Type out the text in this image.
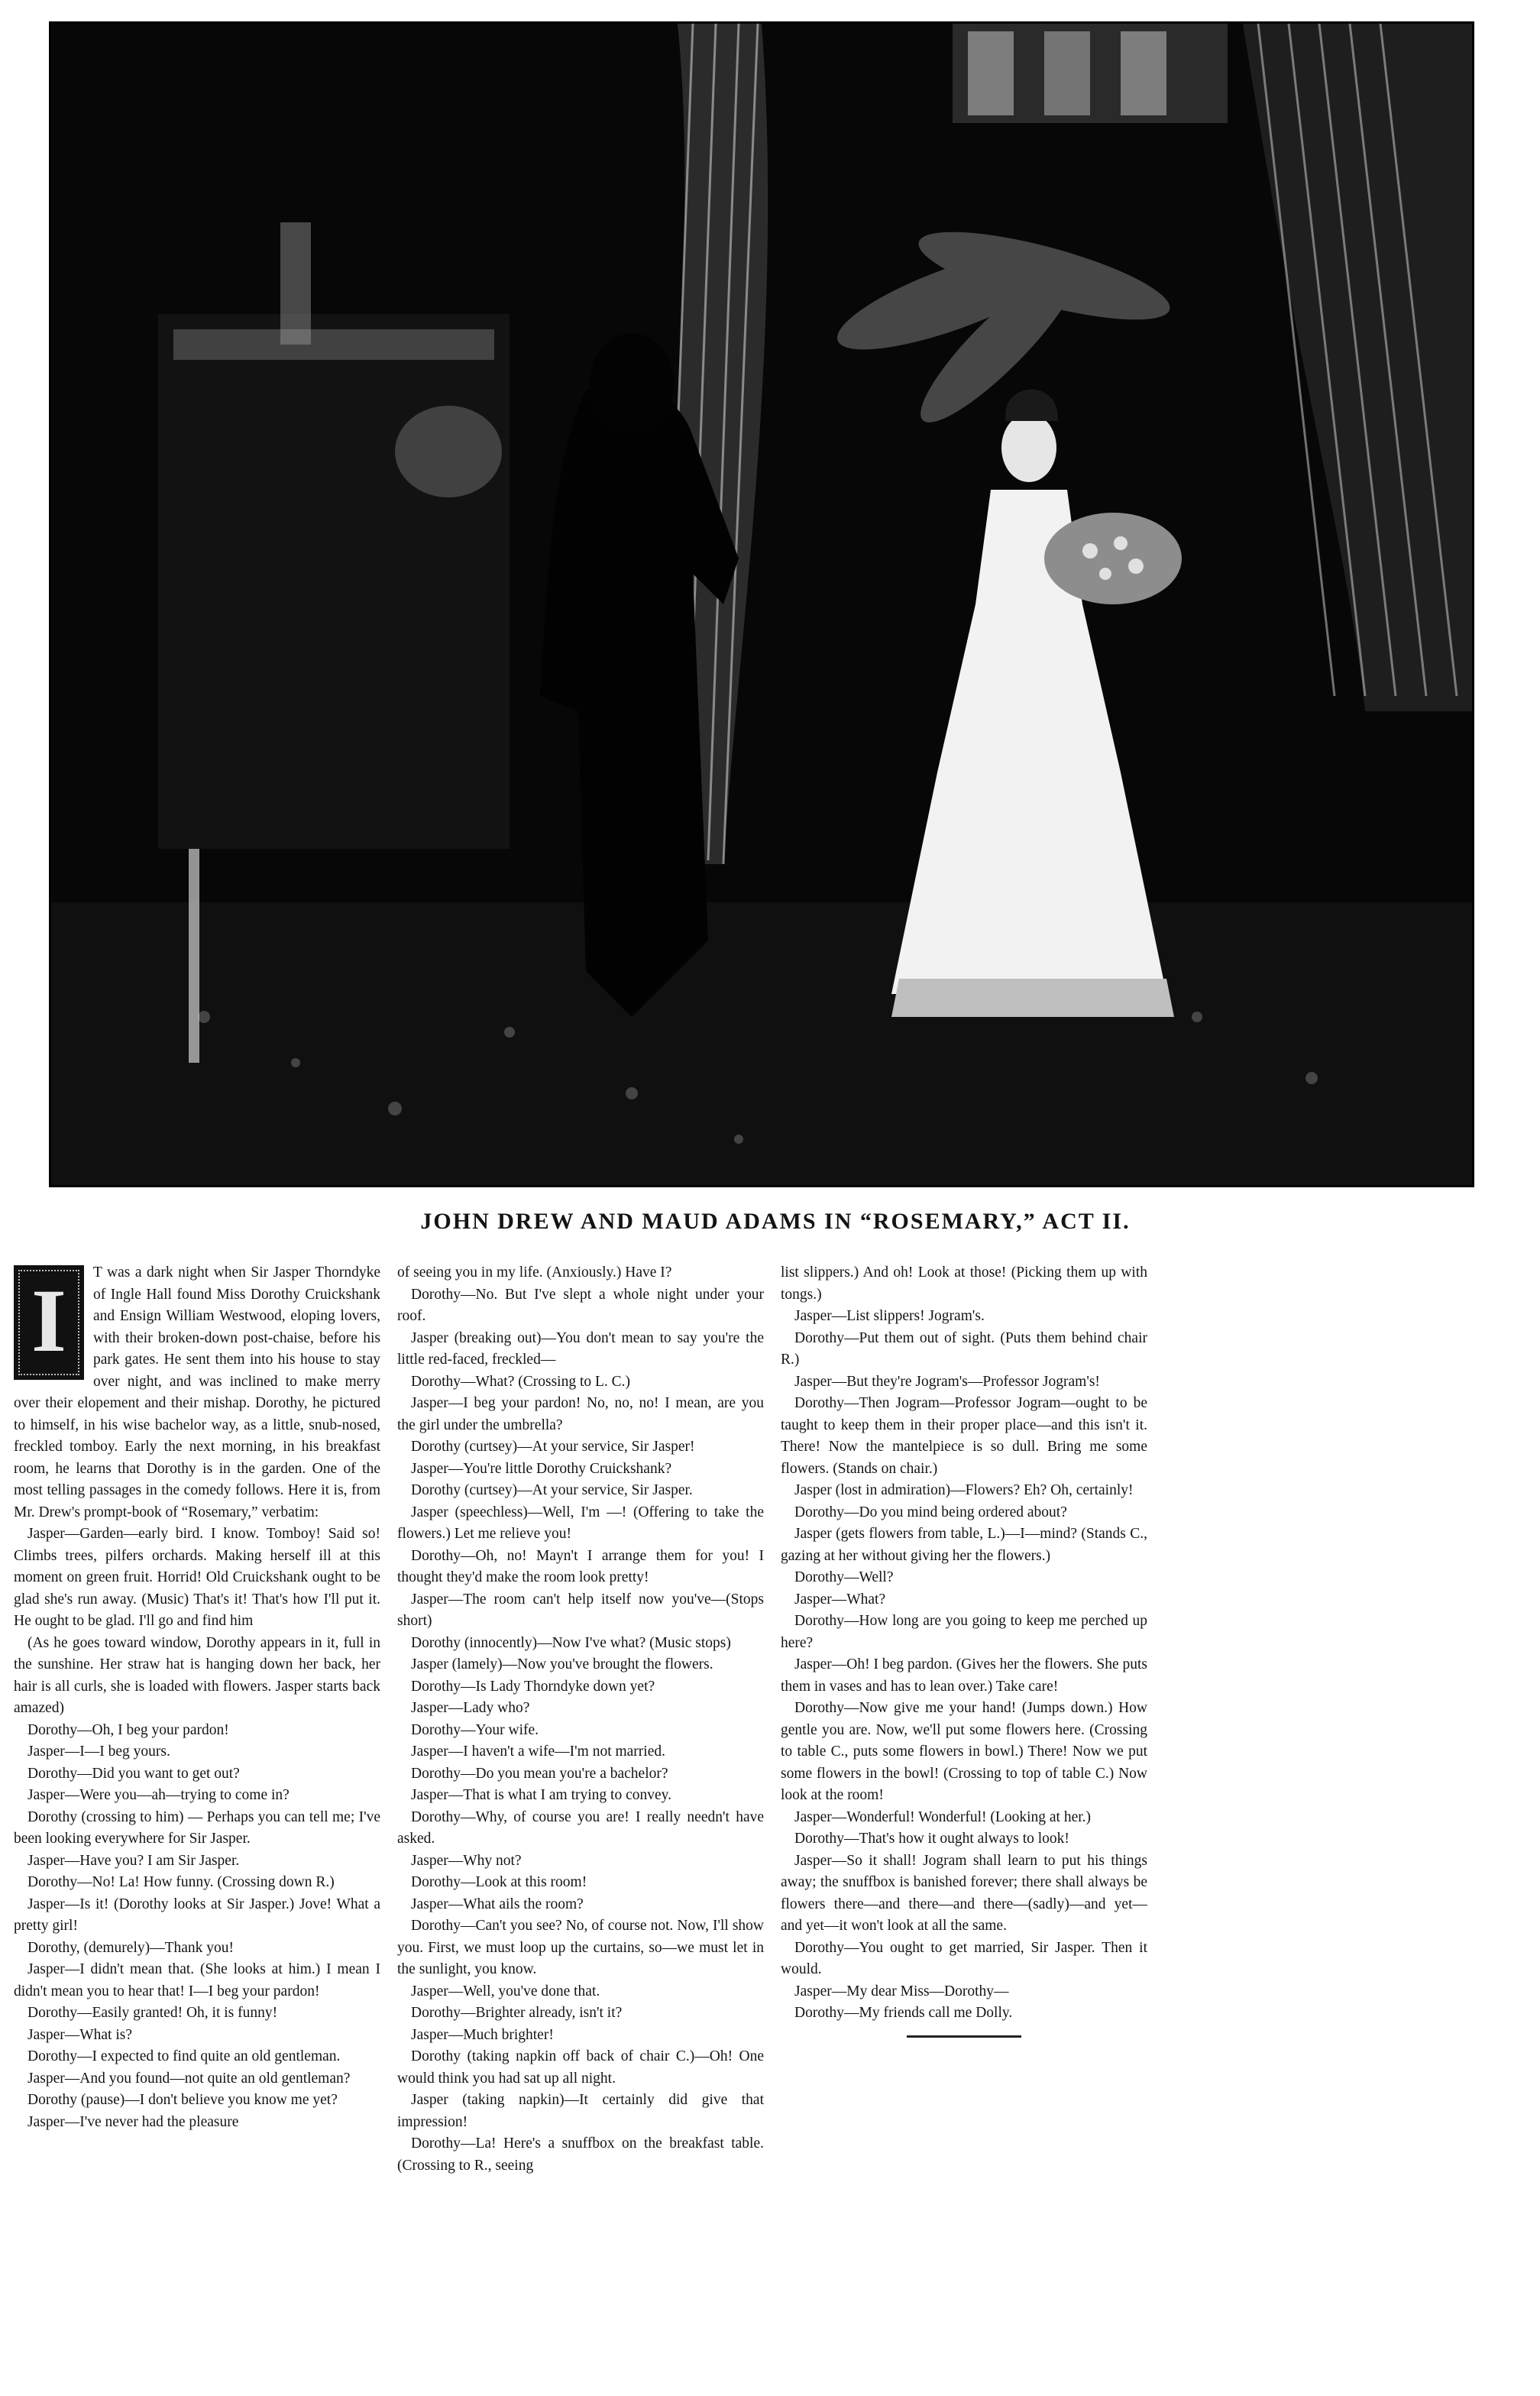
JOHN DREW AND MAUD ADAMS IN “ROSEMARY,” ACT II.
I	T was a dark night when Sir Jasper Thorndyke of Ingle Hall found Miss Dorothy Cruickshank and Ensign William Westwood, eloping lovers, with their broken-down post-chaise, before his park gates. He sent them into his house to stay over night, and was inclined to make merry over their elopement and their mishap. Dorothy, he pictured to himself, in his wise bachelor way, as a little, snub-nosed, freckled tomboy. Early the next morning, in his breakfast room, he learns that Dorothy is in the garden. One of the most telling passages in the comedy follows. Here it is, from Mr. Drew's prompt-book of “Rosemary,” verbatim:

Jasper—Garden—early bird. I know. Tomboy! Said so! Climbs trees, pilfers orchards. Making herself ill at this moment on green fruit. Horrid! Old Cruickshank ought to be glad she's run away. (Music) That's it! That's how I'll put it. He ought to be glad. I'll go and find him

(As he goes toward window, Dorothy appears in it, full in the sunshine. Her straw hat is hanging down her back, her hair is all curls, she is loaded with flowers. Jasper starts back amazed)

Dorothy—Oh, I beg your pardon!

Jasper—I—I beg yours.

Dorothy—Did you want to get out?

Jasper—Were you—ah—trying to come in?

Dorothy (crossing to him) — Perhaps you can tell me; I've been looking everywhere for Sir Jasper.

Jasper—Have you? I am Sir Jasper.

Dorothy—No! La! How funny. (Crossing down R.)

Jasper—Is it! (Dorothy looks at Sir Jasper.) Jove! What a pretty girl!

Dorothy, (demurely)—Thank you!

Jasper—I didn't mean that. (She looks at him.) I mean I didn't mean you to hear that! I—I beg your pardon!

Dorothy—Easily granted! Oh, it is funny!

Jasper—What is?

Dorothy—I expected to find quite an old gentleman.

Jasper—And you found—not quite an old gentleman?

Dorothy (pause)—I don't believe you know me yet?

Jasper—I've never had the pleasure

of seeing you in my life. (Anxiously.) Have I?

Dorothy—No. But I've slept a whole night under your roof.

Jasper (breaking out)—You don't mean to say you're the little red-faced, freckled—

Dorothy—What? (Crossing to L. C.)

Jasper—I beg your pardon! No, no, no! I mean, are you the girl under the umbrella?

Dorothy (curtsey)—At your service, Sir Jasper!

Jasper—You're little Dorothy Cruickshank?

Dorothy (curtsey)—At your service, Sir Jasper.

Jasper (speechless)—Well, I'm —! (Offering to take the flowers.) Let me relieve you!

Dorothy—Oh, no! Mayn't I arrange them for you! I thought they'd make the room look pretty!

Jasper—The room can't help itself now you've—(Stops short)

Dorothy (innocently)—Now I've what? (Music stops)

Jasper (lamely)—Now you've brought the flowers.

Dorothy—Is Lady Thorndyke down yet?

Jasper—Lady who?

Dorothy—Your wife.

Jasper—I haven't a wife—I'm not married.

Dorothy—Do you mean you're a bachelor?

Jasper—That is what I am trying to convey.

Dorothy—Why, of course you are! I really needn't have asked.

Jasper—Why not?

Dorothy—Look at this room!

Jasper—What ails the room?

Dorothy—Can't you see? No, of course not. Now, I'll show you. First, we must loop up the curtains, so—we must let in the sunlight, you know.

Jasper—Well, you've done that.

Dorothy—Brighter already, isn't it?

Jasper—Much brighter!

Dorothy (taking napkin off back of chair C.)—Oh! One would think you had sat up all night.

Jasper (taking napkin)—It certainly did give that impression!

Dorothy—La! Here's a snuffbox on the breakfast table. (Crossing to R., seeing

list slippers.) And oh! Look at those! (Picking them up with tongs.)

Jasper—List slippers! Jogram's.

Dorothy—Put them out of sight. (Puts them behind chair R.)

Jasper—But they're Jogram's—Professor Jogram's!

Dorothy—Then Jogram—Professor Jogram—ought to be taught to keep them in their proper place—and this isn't it. There! Now the mantelpiece is so dull. Bring me some flowers. (Stands on chair.)

Jasper (lost in admiration)—Flowers? Eh? Oh, certainly!

Dorothy—Do you mind being ordered about?

Jasper (gets flowers from table, L.)—I—mind? (Stands C., gazing at her without giving her the flowers.)

Dorothy—Well?

Jasper—What?

Dorothy—How long are you going to keep me perched up here?

Jasper—Oh! I beg pardon. (Gives her the flowers. She puts them in vases and has to lean over.) Take care!

Dorothy—Now give me your hand! (Jumps down.) How gentle you are. Now, we'll put some flowers here. (Crossing to table C., puts some flowers in bowl.) There! Now we put some flowers in the bowl! (Crossing to top of table C.) Now look at the room!

Jasper—Wonderful! Wonderful! (Looking at her.)

Dorothy—That's how it ought always to look!

Jasper—So it shall! Jogram shall learn to put his things away; the snuffbox is banished forever; there shall always be flowers there—and there—and there—(sadly)—and yet—and yet—it won't look at all the same.

Dorothy—You ought to get married, Sir Jasper. Then it would.

Jasper—My dear Miss—Dorothy—

Dorothy—My friends call me Dolly.
